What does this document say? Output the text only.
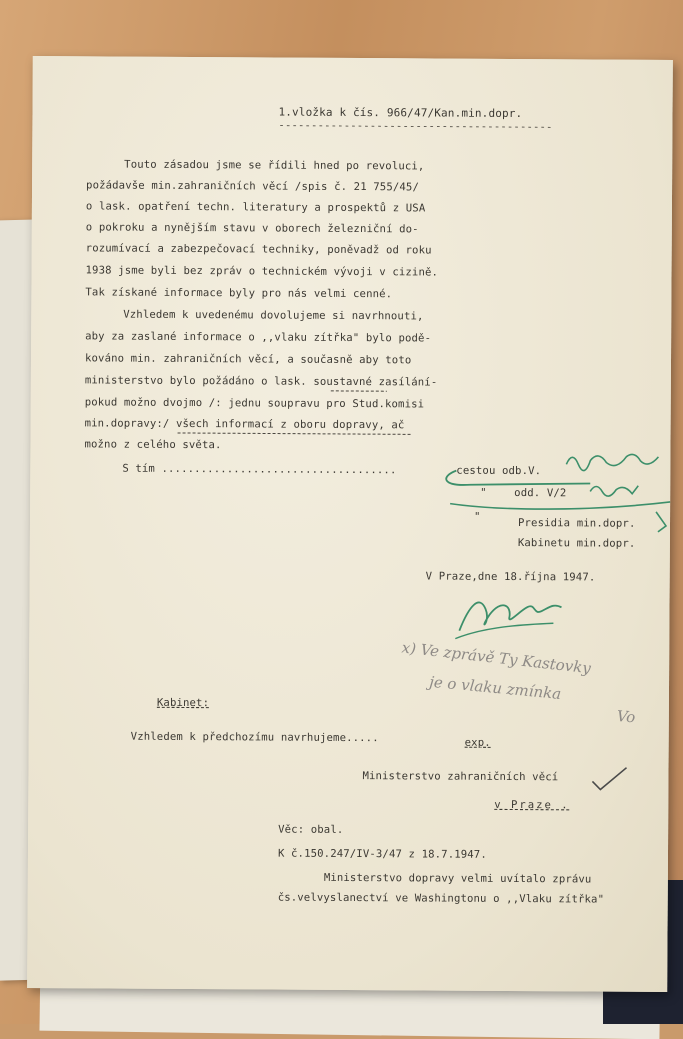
1.vložka k čís. 966/47/Kan.min.dopr.
------------------------------------------
Touto zásadou jsme se řídili hned po revoluci,
požádavše min.zahraničních věcí /spis č. 21 755/45/
o lask. opatření techn. literatury a prospektů z USA
o pokroku a nynějším stavu v oborech železniční do-
rozumívací a zabezpečovací techniky, poněvadž od roku
1938 jsme byli bez zpráv o technickém vývoji v cizině.
Tak získané informace byly pro nás velmi cenné.
Vzhledem k uvedenému dovolujeme si navrhnouti,
aby za zaslané informace o ,,vlaku zítřka" bylo podě-
kováno min. zahraničních věcí, a současně aby toto
ministerstvo bylo požádáno o lask. soustavné zasílání-
pokud možno dvojmo /: jednu soupravu pro Stud.komisi
min.dopravy:/ všech informací z oboru dopravy, ač
možno z celého světa.
S tím ....................................	cestou odb.V.
"	odd. V/2
"
Presidia min.dopr.
Kabinetu min.dopr.
V Praze,dne 18.října 1947.
x) Ve zprávě Ty Kastovky
je o vlaku zmínka
Vo
Kabinet:
Vzhledem k předchozímu navrhujeme.....	exp.
Ministerstvo zahraničních věcí
v Praze .
Věc: obal.
K č.150.247/IV-3/47 z 18.7.1947.
Ministerstvo dopravy velmi uvítalo zprávu
čs.velvyslanectví ve Washingtonu o ,,Vlaku zítřka"
